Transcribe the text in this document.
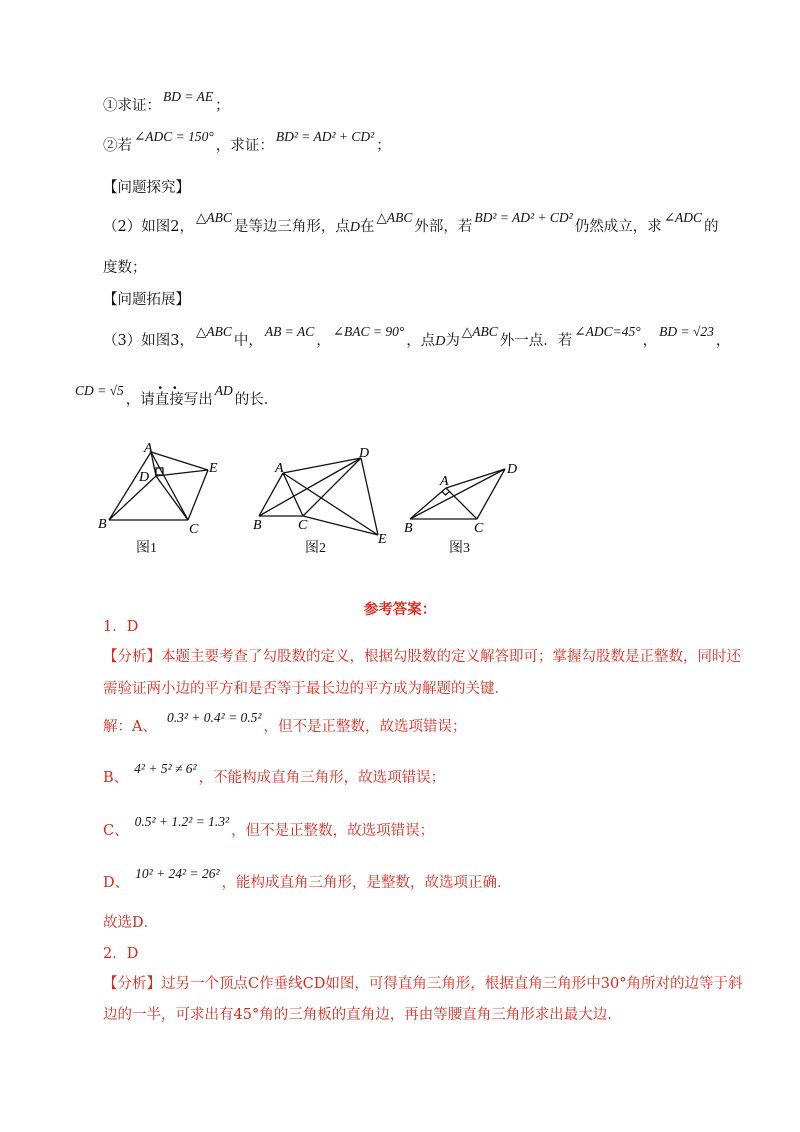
①求证：BD = AE；
②若∠ADC = 150°，求证：BD² = AD² + CD²；
【问题探究】
（2）如图2，△ABC是等边三角形，点D在△ABC外部，若BD² = AD² + CD²仍然成立，求∠ADC的
度数；
【问题拓展】
（3）如图3，△ABC中，AB = AC，∠BAC = 90°，点D为△ABC外一点．若∠ADC=45°，BD = √23，
CD = √5，请直接写出AD的长．
A
D
E
B	C
图1
A
D
B	C
E
图2
A
D
B	C
图3
参考答案：
1．D
【分析】本题主要考查了勾股数的定义，根据勾股数的定义解答即可；掌握勾股数是正整数，同时还
需验证两小边的平方和是否等于最长边的平方成为解题的关键．
解：A、0.3² + 0.4² = 0.5²，但不是正整数，故选项错误；
B、4² + 5² ≠ 6²，不能构成直角三角形，故选项错误；
C、0.5² + 1.2² = 1.3²，但不是正整数，故选项错误；
D、10² + 24² = 26²，能构成直角三角形，是整数，故选项正确．
故选D．
2．D
【分析】过另一个顶点C作垂线CD如图，可得直角三角形，根据直角三角形中30°角所对的边等于斜
边的一半，可求出有45°角的三角板的直角边，再由等腰直角三角形求出最大边．
